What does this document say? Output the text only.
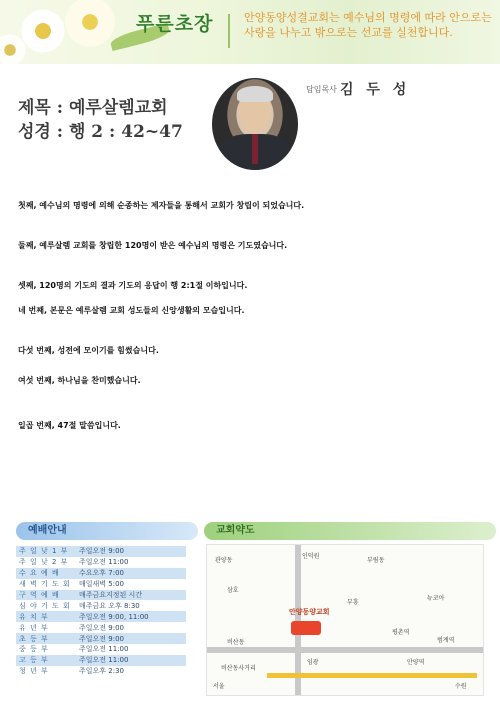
푸른초장	안양동양성결교회는 예수님의 명령에 따라 안으로는 사랑을 나누고 밖으로는 선교를 실천합니다.
제목 : 예루살렘교회
성경 : 행 2 : 42~47
담임목사 김 두 성
첫째, 예수님의 명령에 의해 순종하는 제자들을 통해서 교회가 창립이 되었습니다.
둘째, 예루살렘 교회를 창립한 120명이 받은 예수님의 명령은 기도였습니다.
셋째, 120명의 기도의 결과 기도의 응답이 행 2:1절 이하입니다.
네 번째, 본문은 예루살렘 교회 성도들의 신앙생활의 모습입니다.
다섯 번째, 성전에 모이기를 힘썼습니다.
여섯 번째, 하나님을 찬미했습니다.
일곱 번째, 47절 말씀입니다.
예배안내
주 일 낮 1 부	주일오전 9:00
주 일 낮 2 부	주일오전 11:00
수 요 예 배	수요오후 7:00
새 벽 기 도 회	매일새벽 5:00
구 역 예 배	매주금요지정된 시간
심 야 기 도 회	매주금요 오후 8:30
유 치 부	주일오전 9:00, 11:00
유 년 부	주일오전 9:00
초 등 부	주일오전 9:00
중 등 부	주일오전 11:00
고 등 부	주일오전 11:00
청 년 부	주일오후 2:30
교회약도
안양동양교회
인덕원
관양동	부림동
뉴코아
삼호
부흥
평촌역
범계역
비산동
임광	안양역
비산동사거리
서울	수원
